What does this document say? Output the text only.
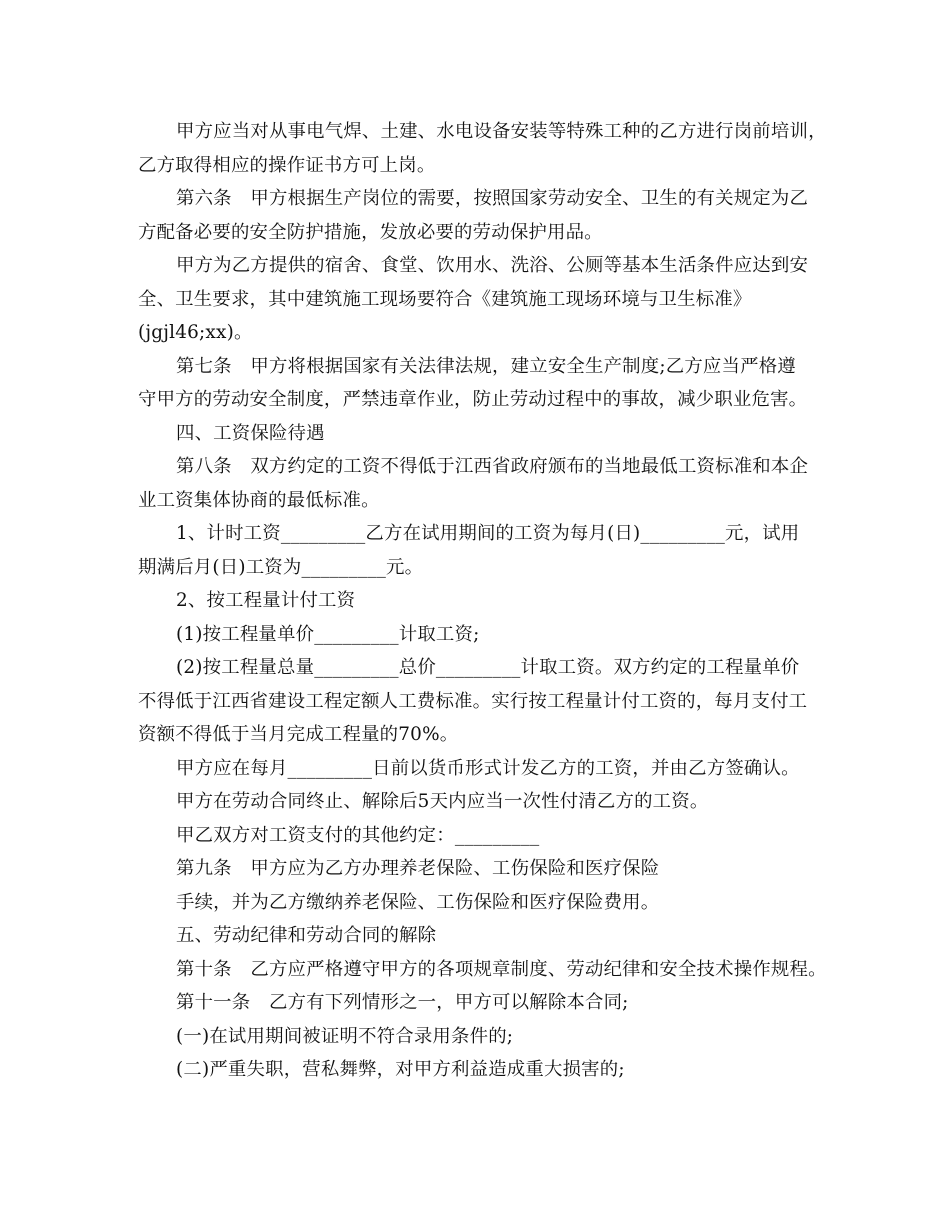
甲方应当对从事电气焊、土建、水电设备安装等特殊工种的乙方进行岗前培训，
乙方取得相应的操作证书方可上岗。
第六条　甲方根据生产岗位的需要，按照国家劳动安全、卫生的有关规定为乙
方配备必要的安全防护措施，发放必要的劳动保护用品。
甲方为乙方提供的宿舍、食堂、饮用水、洗浴、公厕等基本生活条件应达到安
全、卫生要求，其中建筑施工现场要符合《建筑施工现场环境与卫生标准》
(jgjl46;xx)。
第七条　甲方将根据国家有关法律法规，建立安全生产制度;乙方应当严格遵
守甲方的劳动安全制度，严禁违章作业，防止劳动过程中的事故，减少职业危害。
四、工资保险待遇
第八条　双方约定的工资不得低于江西省政府颁布的当地最低工资标准和本企
业工资集体协商的最低标准。
1、计时工资_________乙方在试用期间的工资为每月(日)_________元，试用
期满后月(日)工资为_________元。
2、按工程量计付工资
(1)按工程量单价_________计取工资;
(2)按工程量总量_________总价_________计取工资。双方约定的工程量单价
不得低于江西省建设工程定额人工费标准。实行按工程量计付工资的，每月支付工
资额不得低于当月完成工程量的70%。
甲方应在每月_________日前以货币形式计发乙方的工资，并由乙方签确认。
甲方在劳动合同终止、解除后5天内应当一次性付清乙方的工资。
甲乙双方对工资支付的其他约定：_________
第九条　甲方应为乙方办理养老保险、工伤保险和医疗保险
手续，并为乙方缴纳养老保险、工伤保险和医疗保险费用。
五、劳动纪律和劳动合同的解除
第十条　乙方应严格遵守甲方的各项规章制度、劳动纪律和安全技术操作规程。
第十一条　乙方有下列情形之一，甲方可以解除本合同;
(一)在试用期间被证明不符合录用条件的;
(二)严重失职，营私舞弊，对甲方利益造成重大损害的;
